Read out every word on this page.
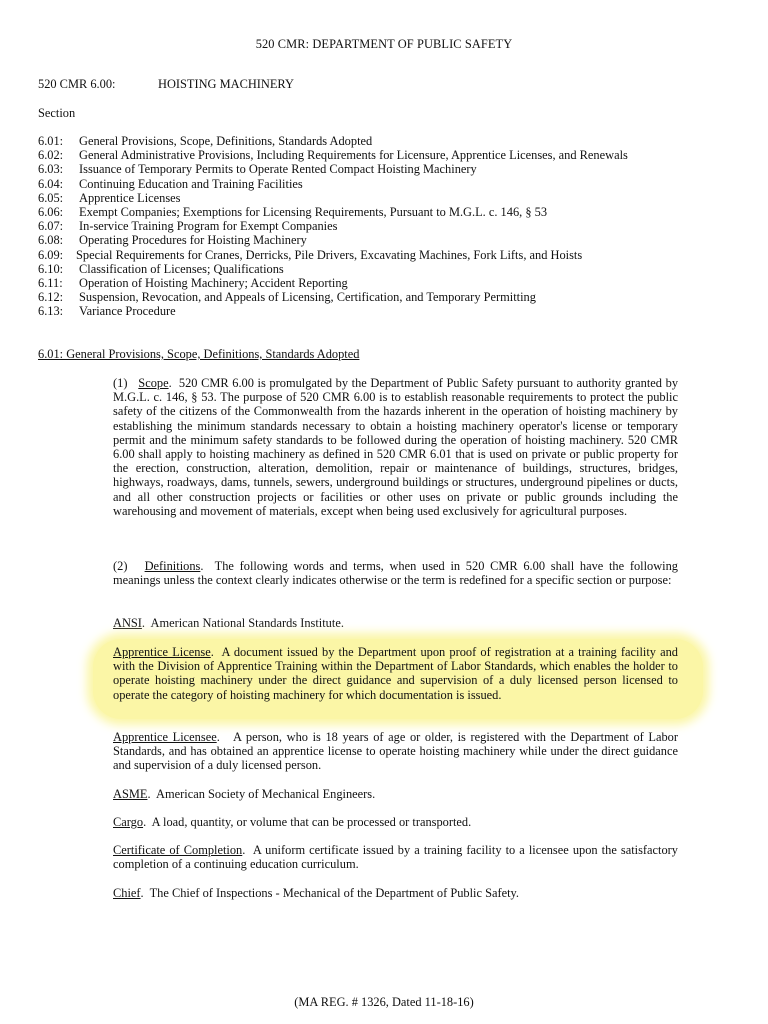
520 CMR: DEPARTMENT OF PUBLIC SAFETY
520 CMR 6.00:	HOISTING MACHINERY
Section
6.01:	General Provisions, Scope, Definitions, Standards Adopted
6.02:	General Administrative Provisions, Including Requirements for Licensure, Apprentice Licenses, and Renewals
6.03:	Issuance of Temporary Permits to Operate Rented Compact Hoisting Machinery
6.04:	Continuing Education and Training Facilities
6.05:	Apprentice Licenses
6.06:	Exempt Companies; Exemptions for Licensing Requirements, Pursuant to M.G.L. c. 146, § 53
6.07:	In-service Training Program for Exempt Companies
6.08:	Operating Procedures for Hoisting Machinery
6.09:	Special Requirements for Cranes, Derricks, Pile Drivers, Excavating Machines, Fork Lifts, and Hoists
6.10:	Classification of Licenses; Qualifications
6.11:	Operation of Hoisting Machinery; Accident Reporting
6.12:	Suspension, Revocation, and Appeals of Licensing, Certification, and Temporary Permitting
6.13:	Variance Procedure
6.01: General Provisions, Scope, Definitions, Standards Adopted

(1) Scope.  520 CMR 6.00 is promulgated by the Department of Public Safety pursuant to authority granted by M.G.L. c. 146, § 53. The purpose of 520 CMR 6.00 is to establish reasonable requirements to protect the public safety of the citizens of the Commonwealth from the hazards inherent in the operation of hoisting machinery by establishing the minimum standards necessary to obtain a hoisting machinery operator's license or temporary permit and the minimum safety standards to be followed during the operation of hoisting machinery. 520 CMR 6.00 shall apply to hoisting machinery as defined in 520 CMR 6.01 that is used on private or public property for the erection, construction, alteration, demolition, repair or maintenance of buildings, structures, bridges, highways, roadways, dams, tunnels, sewers, underground buildings or structures, underground pipelines or ducts, and all other construction projects or facilities or other uses on private or public grounds including the warehousing and movement of materials, except when being used exclusively for agricultural purposes.

(2) Definitions.  The following words and terms, when used in 520 CMR 6.00 shall have the following meanings unless the context clearly indicates otherwise or the term is redefined for a specific section or purpose:

ANSI.  American National Standards Institute.

Apprentice License.  A document issued by the Department upon proof of registration at a training facility and with the Division of Apprentice Training within the Department of Labor Standards, which enables the holder to operate hoisting machinery under the direct guidance and supervision of a duly licensed person licensed to operate the category of hoisting machinery for which documentation is issued.

Apprentice Licensee.   A person, who is 18 years of age or older, is registered with the Department of Labor Standards, and has obtained an apprentice license to operate hoisting machinery while under the direct guidance and supervision of a duly licensed person.

ASME.  American Society of Mechanical Engineers.

Cargo.  A load, quantity, or volume that can be processed or transported.

Certificate of Completion.  A uniform certificate issued by a training facility to a licensee upon the satisfactory completion of a continuing education curriculum.

Chief.  The Chief of Inspections - Mechanical of the Department of Public Safety.

(MA REG. # 1326, Dated 11-18-16)
